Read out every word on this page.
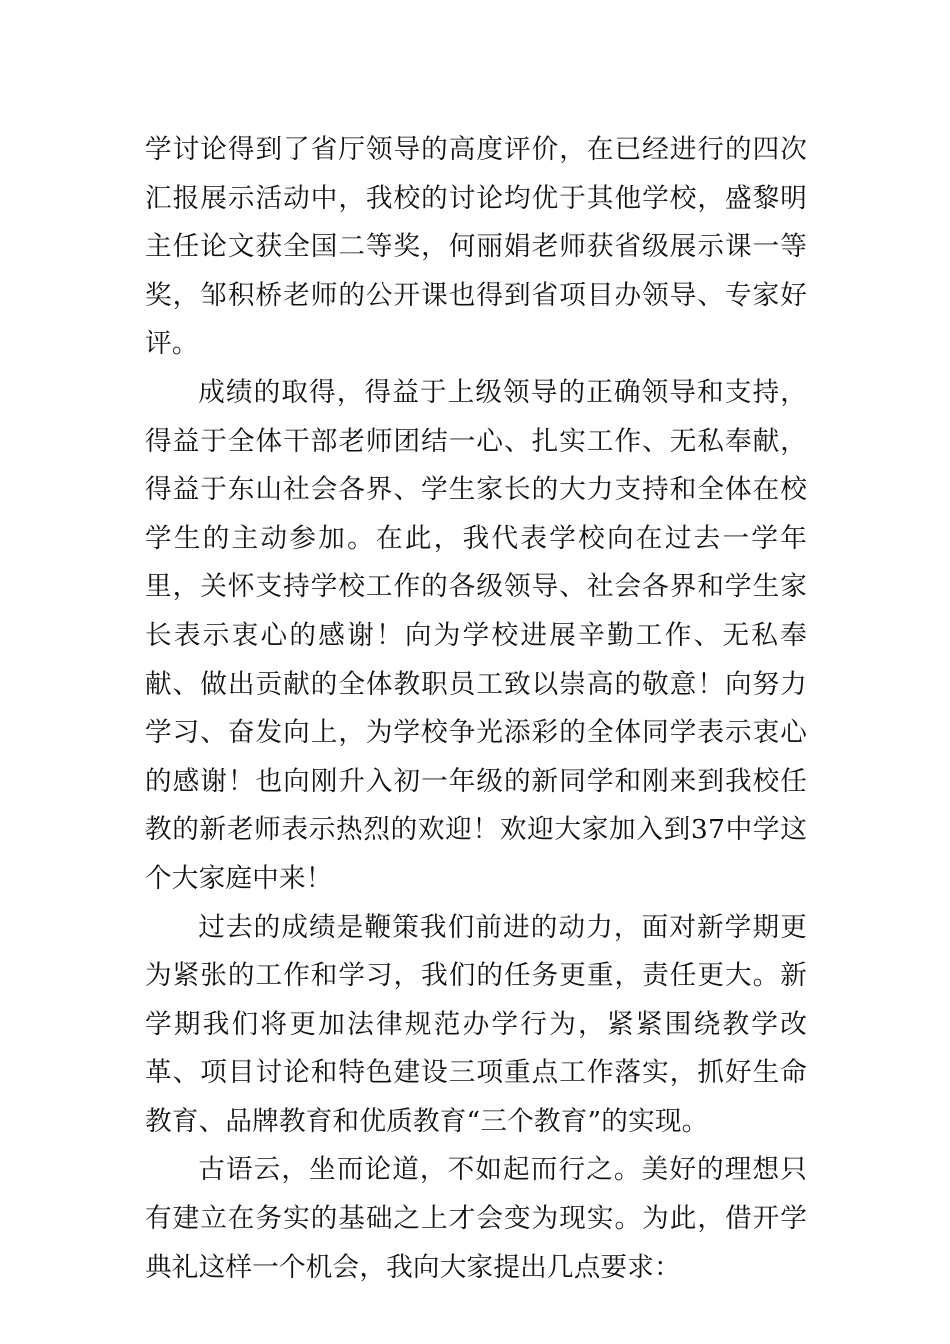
学讨论得到了省厅领导的高度评价，在已经进行的四次汇报展示活动中，我校的讨论均优于其他学校，盛黎明主任论文获全国二等奖，何丽娟老师获省级展示课一等奖，邹积桥老师的公开课也得到省项目办领导、专家好评。

成绩的取得，得益于上级领导的正确领导和支持，得益于全体干部老师团结一心、扎实工作、无私奉献，得益于东山社会各界、学生家长的大力支持和全体在校学生的主动参加。在此，我代表学校向在过去一学年里，关怀支持学校工作的各级领导、社会各界和学生家长表示衷心的感谢！向为学校进展辛勤工作、无私奉献、做出贡献的全体教职员工致以崇高的敬意！向努力学习、奋发向上，为学校争光添彩的全体同学表示衷心的感谢！也向刚升入初一年级的新同学和刚来到我校任教的新老师表示热烈的欢迎！欢迎大家加入到37中学这个大家庭中来！

过去的成绩是鞭策我们前进的动力，面对新学期更为紧张的工作和学习，我们的任务更重，责任更大。新学期我们将更加法律规范办学行为，紧紧围绕教学改革、项目讨论和特色建设三项重点工作落实，抓好生命教育、品牌教育和优质教育“三个教育”的实现。

古语云，坐而论道，不如起而行之。美好的理想只有建立在务实的基础之上才会变为现实。为此，借开学典礼这样一个机会，我向大家提出几点要求：
